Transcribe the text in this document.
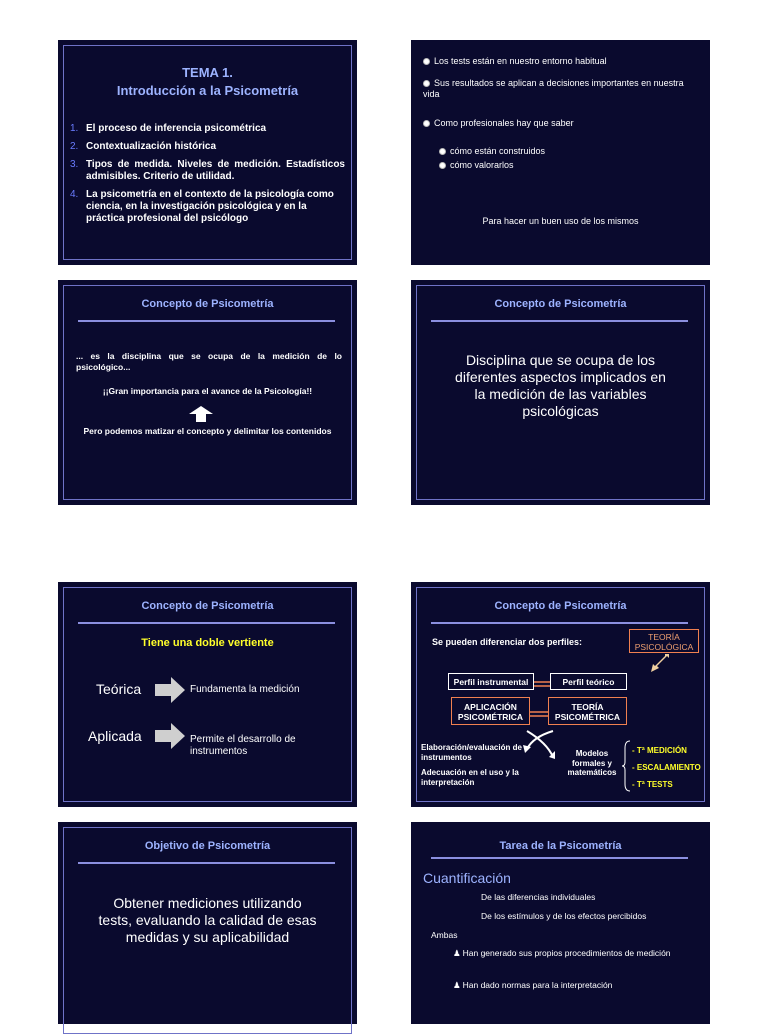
TEMA 1.
Introducción a la Psicometría
1. El proceso de inferencia psicométrica
2. Contextualización histórica
3. Tipos de medida. Niveles de medición. Estadísticos admisibles. Criterio de utilidad.
4. La psicometría en el contexto de la psicología como ciencia, en la investigación psicológica y en la práctica profesional del psicólogo
Los tests están en nuestro entorno habitual
Sus resultados se aplican a decisiones importantes en nuestra vida
Como profesionales hay que saber
cómo están construidos
cómo valorarlos
Para hacer un buen uso de los mismos
Concepto de Psicometría
... es la disciplina que se ocupa de la medición de lo psicológico...
¡¡Gran importancia para el avance de la Psicología!!
Pero podemos matizar el concepto y delimitar los contenidos
Concepto de Psicometría
Disciplina que se ocupa de los diferentes aspectos implicados en la medición de las variables psicológicas
Concepto de Psicometría
Tiene una doble vertiente
Teórica	Fundamenta la medición
Aplicada	Permite el desarrollo de instrumentos
Concepto de Psicometría
Se pueden diferenciar dos perfiles:	TEORÍA PSICOLÓGICA
Perfil instrumental	Perfil teórico
APLICACIÓN PSICOMÉTRICA
TEORÍA PSICOMÉTRICA
Elaboración/evaluación de instrumentos
Adecuación en el uso y la interpretación
Modelos formales y matemáticos
- Tª MEDICIÓN
- ESCALAMIENTO
- Tª TESTS
Objetivo de Psicometría
Obtener mediciones utilizando tests, evaluando la calidad de esas medidas y su aplicabilidad
Tarea de la Psicometría
Cuantificación
De las diferencias individuales
De los estímulos y de los efectos percibidos
Ambas
♟ Han generado sus propios procedimientos de medición
♟ Han dado normas para la interpretación
